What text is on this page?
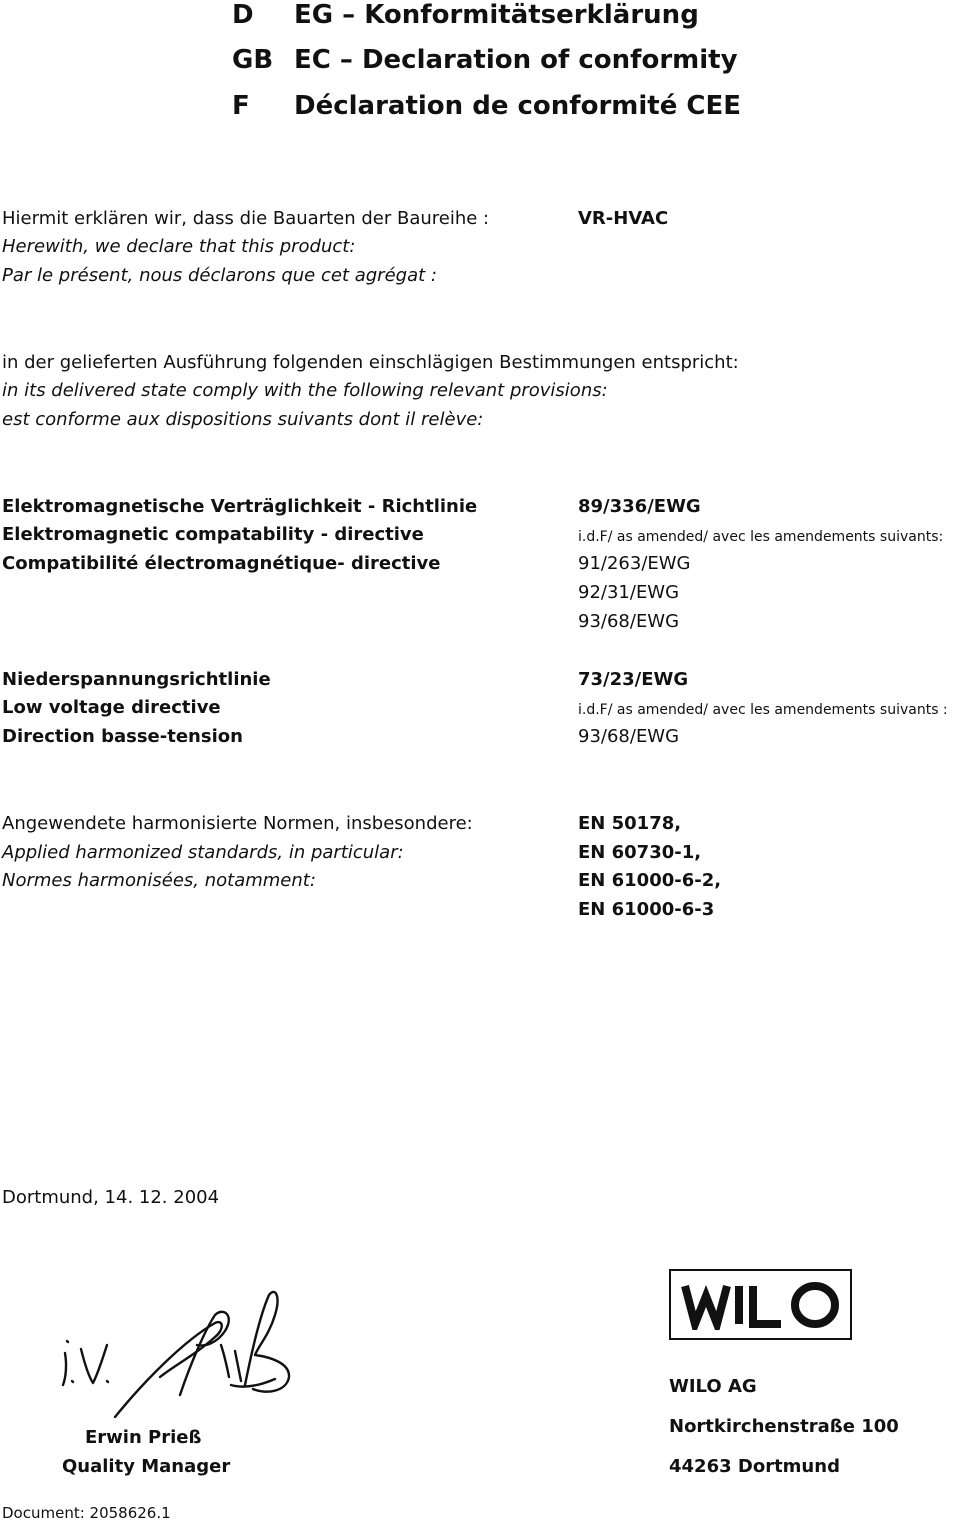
D EG – Konformitätserklärung
GB EC – Declaration of conformity
F Déclaration de conformité CEE
Hiermit erklären wir, dass die Bauarten der Baureihe :
Herewith, we declare that this product:
Par le présent, nous déclarons que cet agrégat :
VR-HVAC
in der gelieferten Ausführung folgenden einschlägigen Bestimmungen entspricht:
in its delivered state comply with the following relevant provisions:
est conforme aux dispositions suivants dont il relève:
Elektromagnetische Verträglichkeit - Richtlinie
Elektromagnetic compatability - directive
Compatibilité électromagnétique- directive
89/336/EWG
i.d.F/ as amended/ avec les amendements suivants:
91/263/EWG
92/31/EWG
93/68/EWG
Niederspannungsrichtlinie
Low voltage directive
Direction basse-tension
73/23/EWG
i.d.F/ as amended/ avec les amendements suivants :
93/68/EWG
Angewendete harmonisierte Normen, insbesondere:
Applied harmonized standards, in particular:
Normes harmonisées, notamment:
EN 50178,
EN 60730-1,
EN 61000-6-2,
EN 61000-6-3
Dortmund, 14. 12. 2004
Erwin Prieß
Quality Manager
WILO AG
Nortkirchenstraße 100
44263 Dortmund
Document: 2058626.1
